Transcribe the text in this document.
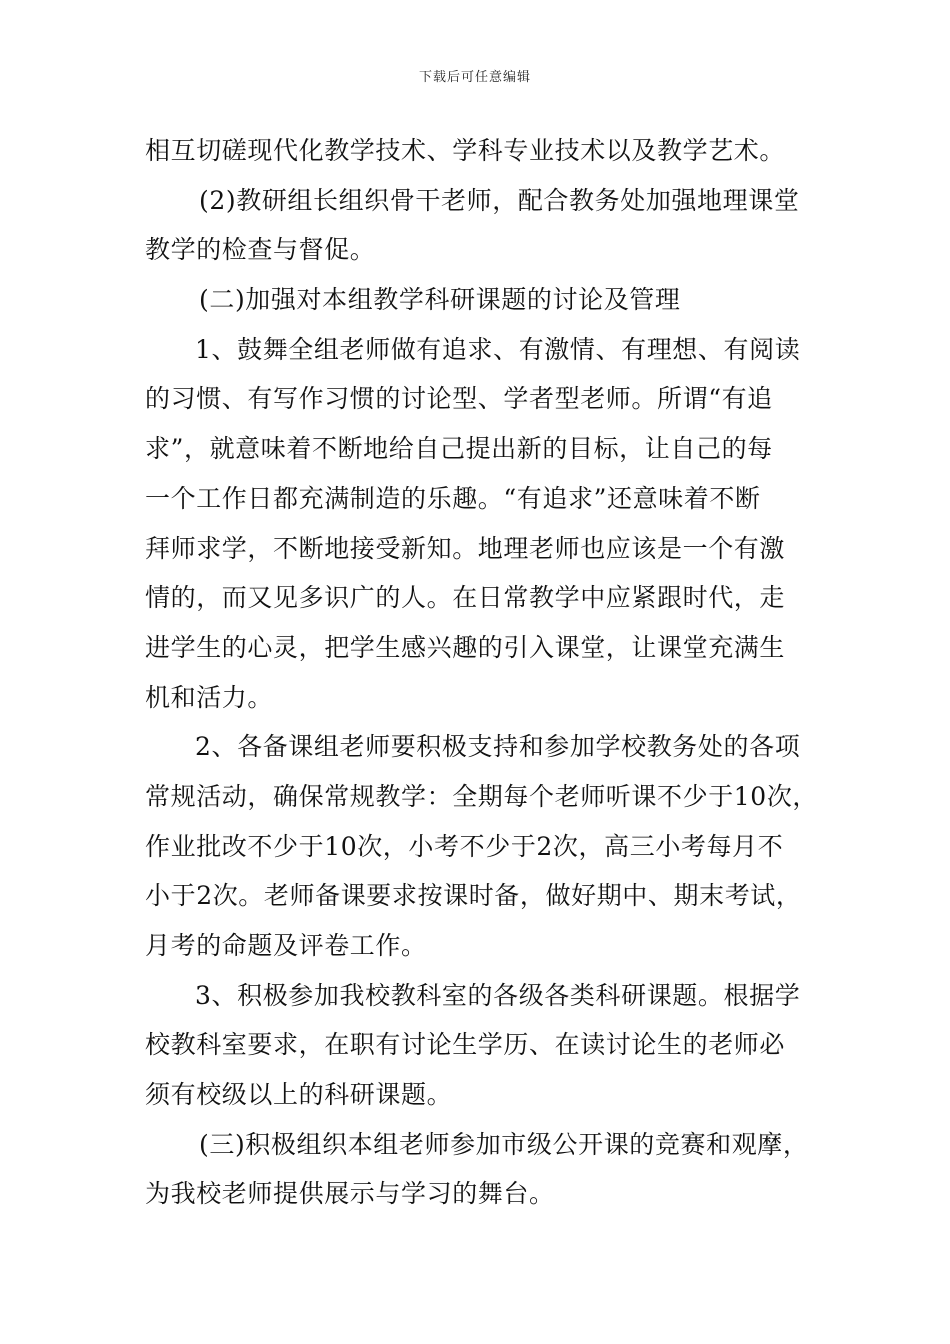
下载后可任意编辑
相互切磋现代化教学技术、学科专业技术以及教学艺术。
(2)教研组长组织骨干老师，配合教务处加强地理课堂
教学的检查与督促。
(二)加强对本组教学科研课题的讨论及管理
1、鼓舞全组老师做有追求、有激情、有理想、有阅读
的习惯、有写作习惯的讨论型、学者型老师。所谓“有追
求”，就意味着不断地给自己提出新的目标，让自己的每
一个工作日都充满制造的乐趣。“有追求”还意味着不断
拜师求学，不断地接受新知。地理老师也应该是一个有激
情的，而又见多识广的人。在日常教学中应紧跟时代，走
进学生的心灵，把学生感兴趣的引入课堂，让课堂充满生
机和活力。
2、各备课组老师要积极支持和参加学校教务处的各项
常规活动，确保常规教学：全期每个老师听课不少于10次，
作业批改不少于10次，小考不少于2次，高三小考每月不
小于2次。老师备课要求按课时备，做好期中、期末考试，
月考的命题及评卷工作。
3、积极参加我校教科室的各级各类科研课题。根据学
校教科室要求，在职有讨论生学历、在读讨论生的老师必
须有校级以上的科研课题。
(三)积极组织本组老师参加市级公开课的竞赛和观摩，
为我校老师提供展示与学习的舞台。
